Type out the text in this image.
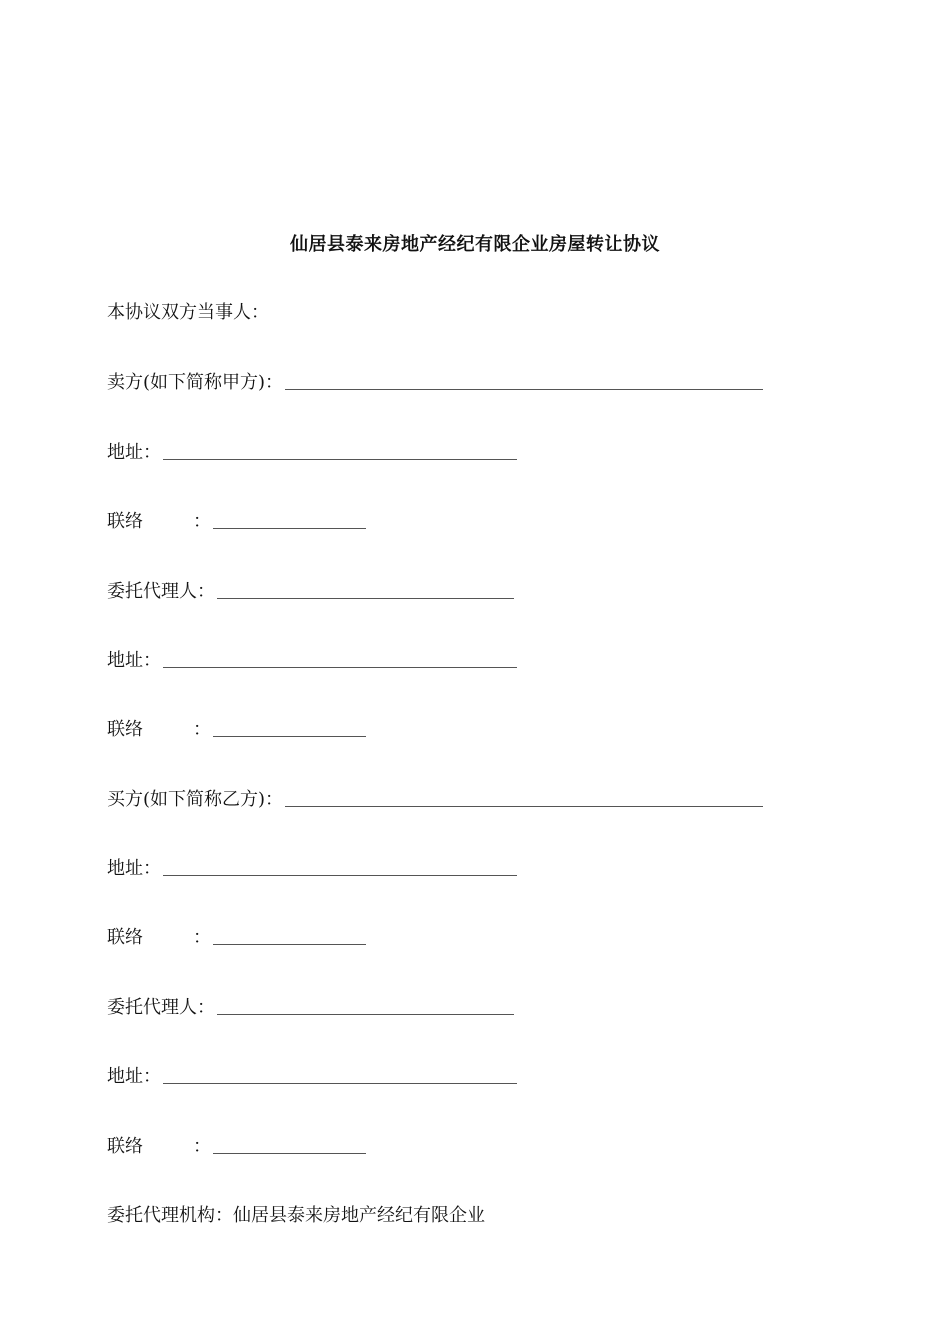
仙居县泰来房地产经纪有限企业房屋转让协议
本协议双方当事人：
卖方(如下简称甲方)：
地址：
联络	：
委托代理人：
地址：
联络	：
买方(如下简称乙方)：
地址：
联络	：
委托代理人：
地址：
联络	：
委托代理机构： 仙居县泰来房地产经纪有限企业
